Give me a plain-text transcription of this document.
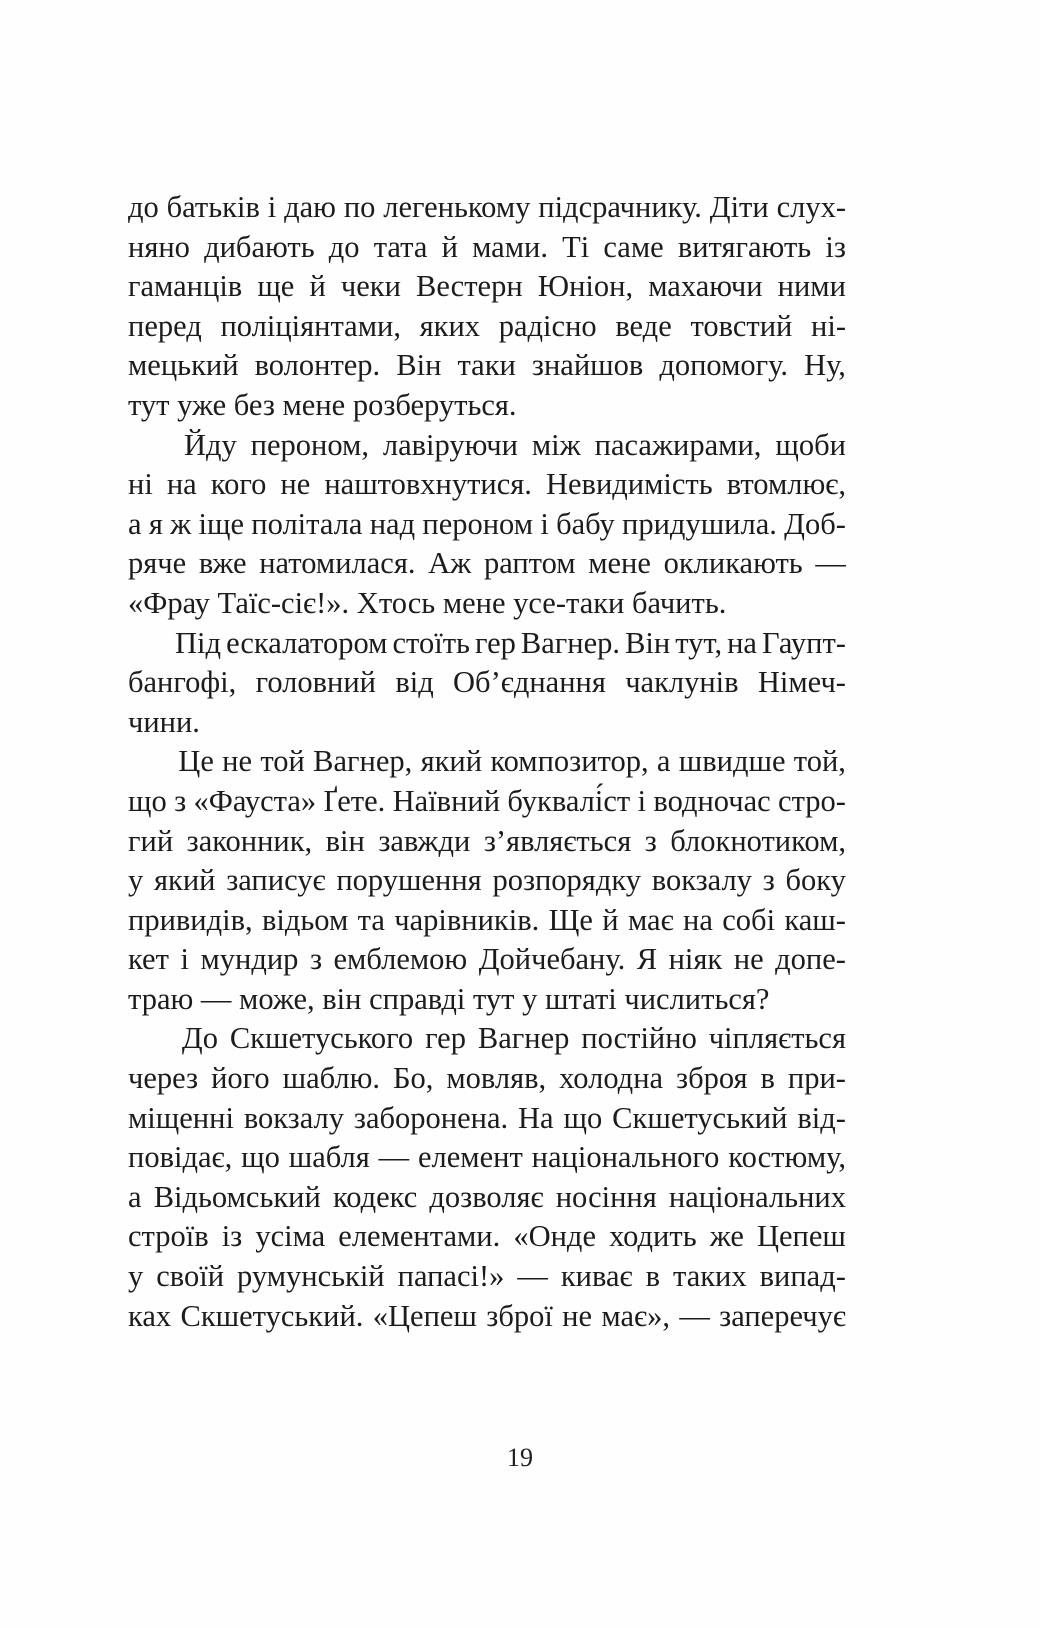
до батьків і даю по легенькому підсрачнику. Діти слух-
няно дибають до тата й мами. Ті саме витягають із
гаманців ще й чеки Вестерн Юніон, махаючи ними
перед поліціянтами, яких радісно веде товстий ні-
мецький волонтер. Він таки знайшов допомогу. Ну,
тут уже без мене розберуться.
Йду пероном, лавіруючи між пасажирами, щоби
ні на кого не наштовхнутися. Невидимість втомлює,
а я ж іще політала над пероном і бабу придушила. Доб-
ряче вже натомилася. Аж раптом мене окликають —
«Фрау Таїс-сіє!». Хтось мене усе-таки бачить.
Під ескалатором стоїть гер Вагнер. Він тут, на Гаупт-
бангофі, головний від Об’єднання чаклунів Німеч-
чини.
Це не той Вагнер, який композитор, а швидше той,
що з «Фауста» Ґете. Наївний буквалі́ст і водночас стро-
гий законник, він завжди з’являється з блокнотиком,
у який записує порушення розпорядку вокзалу з боку
привидів, відьом та чарівників. Ще й має на собі каш-
кет і мундир з емблемою Дойчебану. Я ніяк не допе-
траю — може, він справді тут у штаті числиться?
До Скшетуського гер Вагнер постійно чіпляється
через його шаблю. Бо, мовляв, холодна зброя в при-
міщенні вокзалу заборонена. На що Скшетуський від-
повідає, що шабля — елемент національного костюму,
а Відьомський кодекс дозволяє носіння національних
строїв із усіма елементами. «Онде ходить же Цепеш
у своїй румунській папасі!» — киває в таких випад-
ках Скшетуський. «Цепеш зброї не має», — заперечує
19
